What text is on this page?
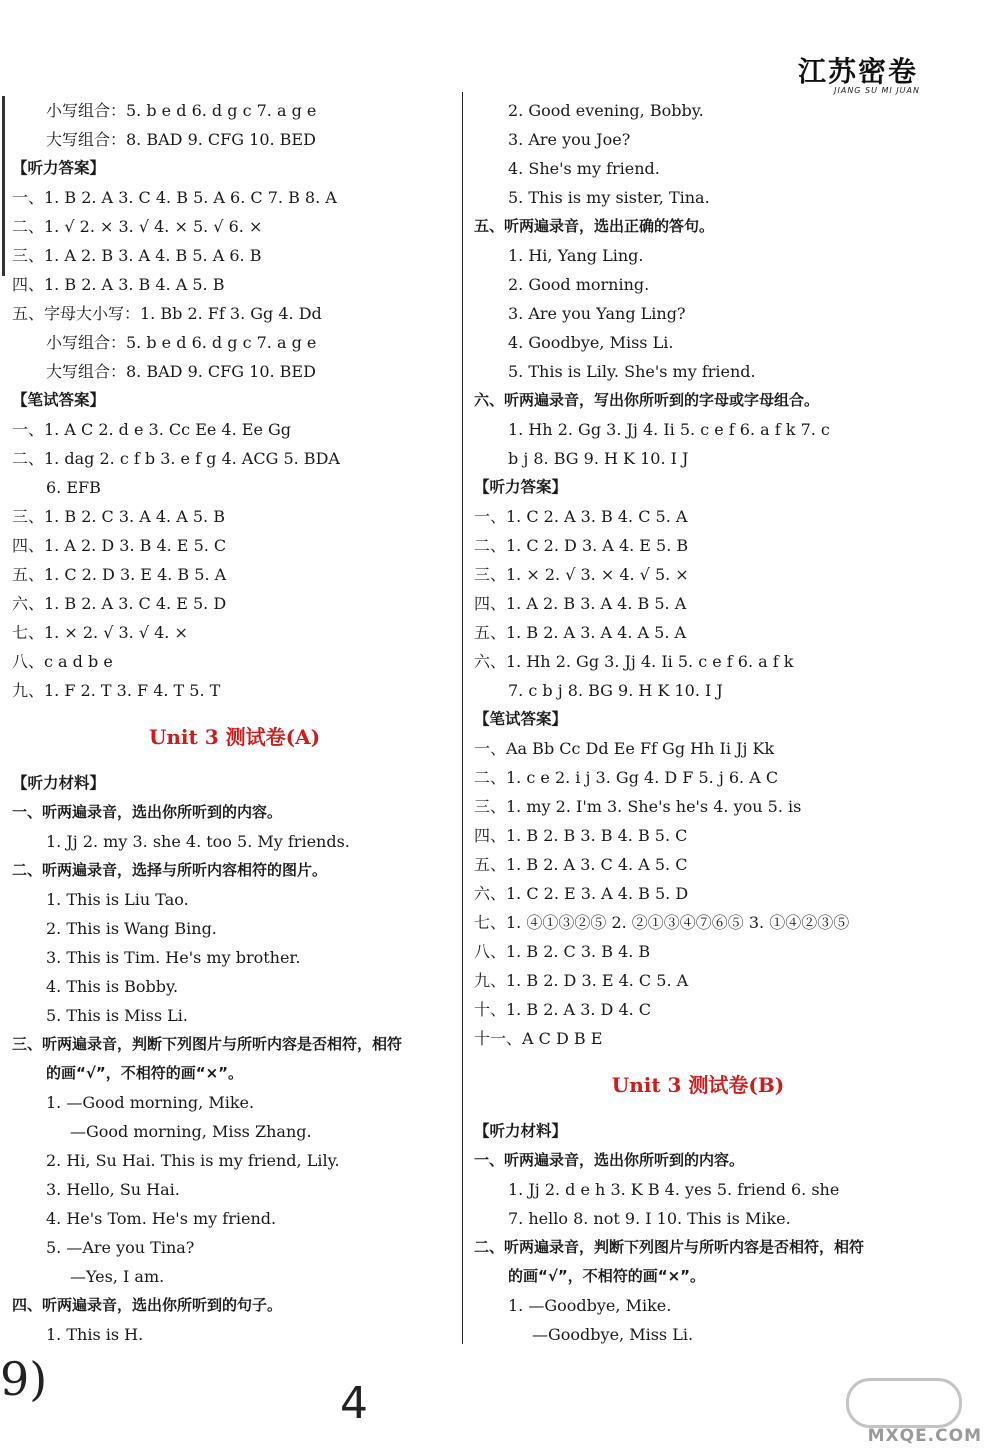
江苏密卷
JIANG SU MI JUAN
小写组合：5. b e d 6. d g c 7. a g e
大写组合：8. BAD 9. CFG 10. BED
【听力答案】
一、1. B 2. A 3. C 4. B 5. A 6. C 7. B 8. A
二、1. √ 2. × 3. √ 4. × 5. √ 6. ×
三、1. A 2. B 3. A 4. B 5. A 6. B
四、1. B 2. A 3. B 4. A 5. B
五、字母大小写：1. Bb 2. Ff 3. Gg 4. Dd
小写组合：5. b e d 6. d g c 7. a g e
大写组合：8. BAD 9. CFG 10. BED
【笔试答案】
一、1. A C 2. d e 3. Cc Ee 4. Ee Gg
二、1. dag 2. c f b 3. e f g 4. ACG 5. BDA
6. EFB
三、1. B 2. C 3. A 4. A 5. B
四、1. A 2. D 3. B 4. E 5. C
五、1. C 2. D 3. E 4. B 5. A
六、1. B 2. A 3. C 4. E 5. D
七、1. × 2. √ 3. √ 4. ×
八、c a d b e
九、1. F 2. T 3. F 4. T 5. T
Unit 3 测试卷(A)
【听力材料】
一、听两遍录音，选出你所听到的内容。
1. Jj 2. my 3. she 4. too 5. My friends.
二、听两遍录音，选择与所听内容相符的图片。
1. This is Liu Tao.
2. This is Wang Bing.
3. This is Tim. He's my brother.
4. This is Bobby.
5. This is Miss Li.
三、听两遍录音，判断下列图片与所听内容是否相符，相符
的画“√”，不相符的画“×”。
1. —Good morning, Mike.
—Good morning, Miss Zhang.
2. Hi, Su Hai. This is my friend, Lily.
3. Hello, Su Hai.
4. He's Tom. He's my friend.
5. —Are you Tina?
—Yes, I am.
四、听两遍录音，选出你所听到的句子。
1. This is H.
2. Good evening, Bobby.
3. Are you Joe?
4. She's my friend.
5. This is my sister, Tina.
五、听两遍录音，选出正确的答句。
1. Hi, Yang Ling.
2. Good morning.
3. Are you Yang Ling?
4. Goodbye, Miss Li.
5. This is Lily. She's my friend.
六、听两遍录音，写出你所听到的字母或字母组合。
1. Hh 2. Gg 3. Jj 4. Ii 5. c e f 6. a f k 7. c
b j 8. BG 9. H K 10. I J
【听力答案】
一、1. C 2. A 3. B 4. C 5. A
二、1. C 2. D 3. A 4. E 5. B
三、1. × 2. √ 3. × 4. √ 5. ×
四、1. A 2. B 3. A 4. B 5. A
五、1. B 2. A 3. A 4. A 5. A
六、1. Hh 2. Gg 3. Jj 4. Ii 5. c e f 6. a f k
7. c b j 8. BG 9. H K 10. I J
【笔试答案】
一、Aa Bb Cc Dd Ee Ff Gg Hh Ii Jj Kk
二、1. c e 2. i j 3. Gg 4. D F 5. j 6. A C
三、1. my 2. I'm 3. She's he's 4. you 5. is
四、1. B 2. B 3. B 4. B 5. C
五、1. B 2. A 3. C 4. A 5. C
六、1. C 2. E 3. A 4. B 5. D
七、1. ④①③②⑤ 2. ②①③④⑦⑥⑤ 3. ①④②③⑤
八、1. B 2. C 3. B 4. B
九、1. B 2. D 3. E 4. C 5. A
十、1. B 2. A 3. D 4. C
十一、A C D B E
Unit 3 测试卷(B)
【听力材料】
一、听两遍录音，选出你所听到的内容。
1. Jj 2. d e h 3. K B 4. yes 5. friend 6. she
7. hello 8. not 9. I 10. This is Mike.
二、听两遍录音，判断下列图片与所听内容是否相符，相符
的画“√”，不相符的画“×”。
1. —Goodbye, Mike.
—Goodbye, Miss Li.
9)	4
MXQE.COM
